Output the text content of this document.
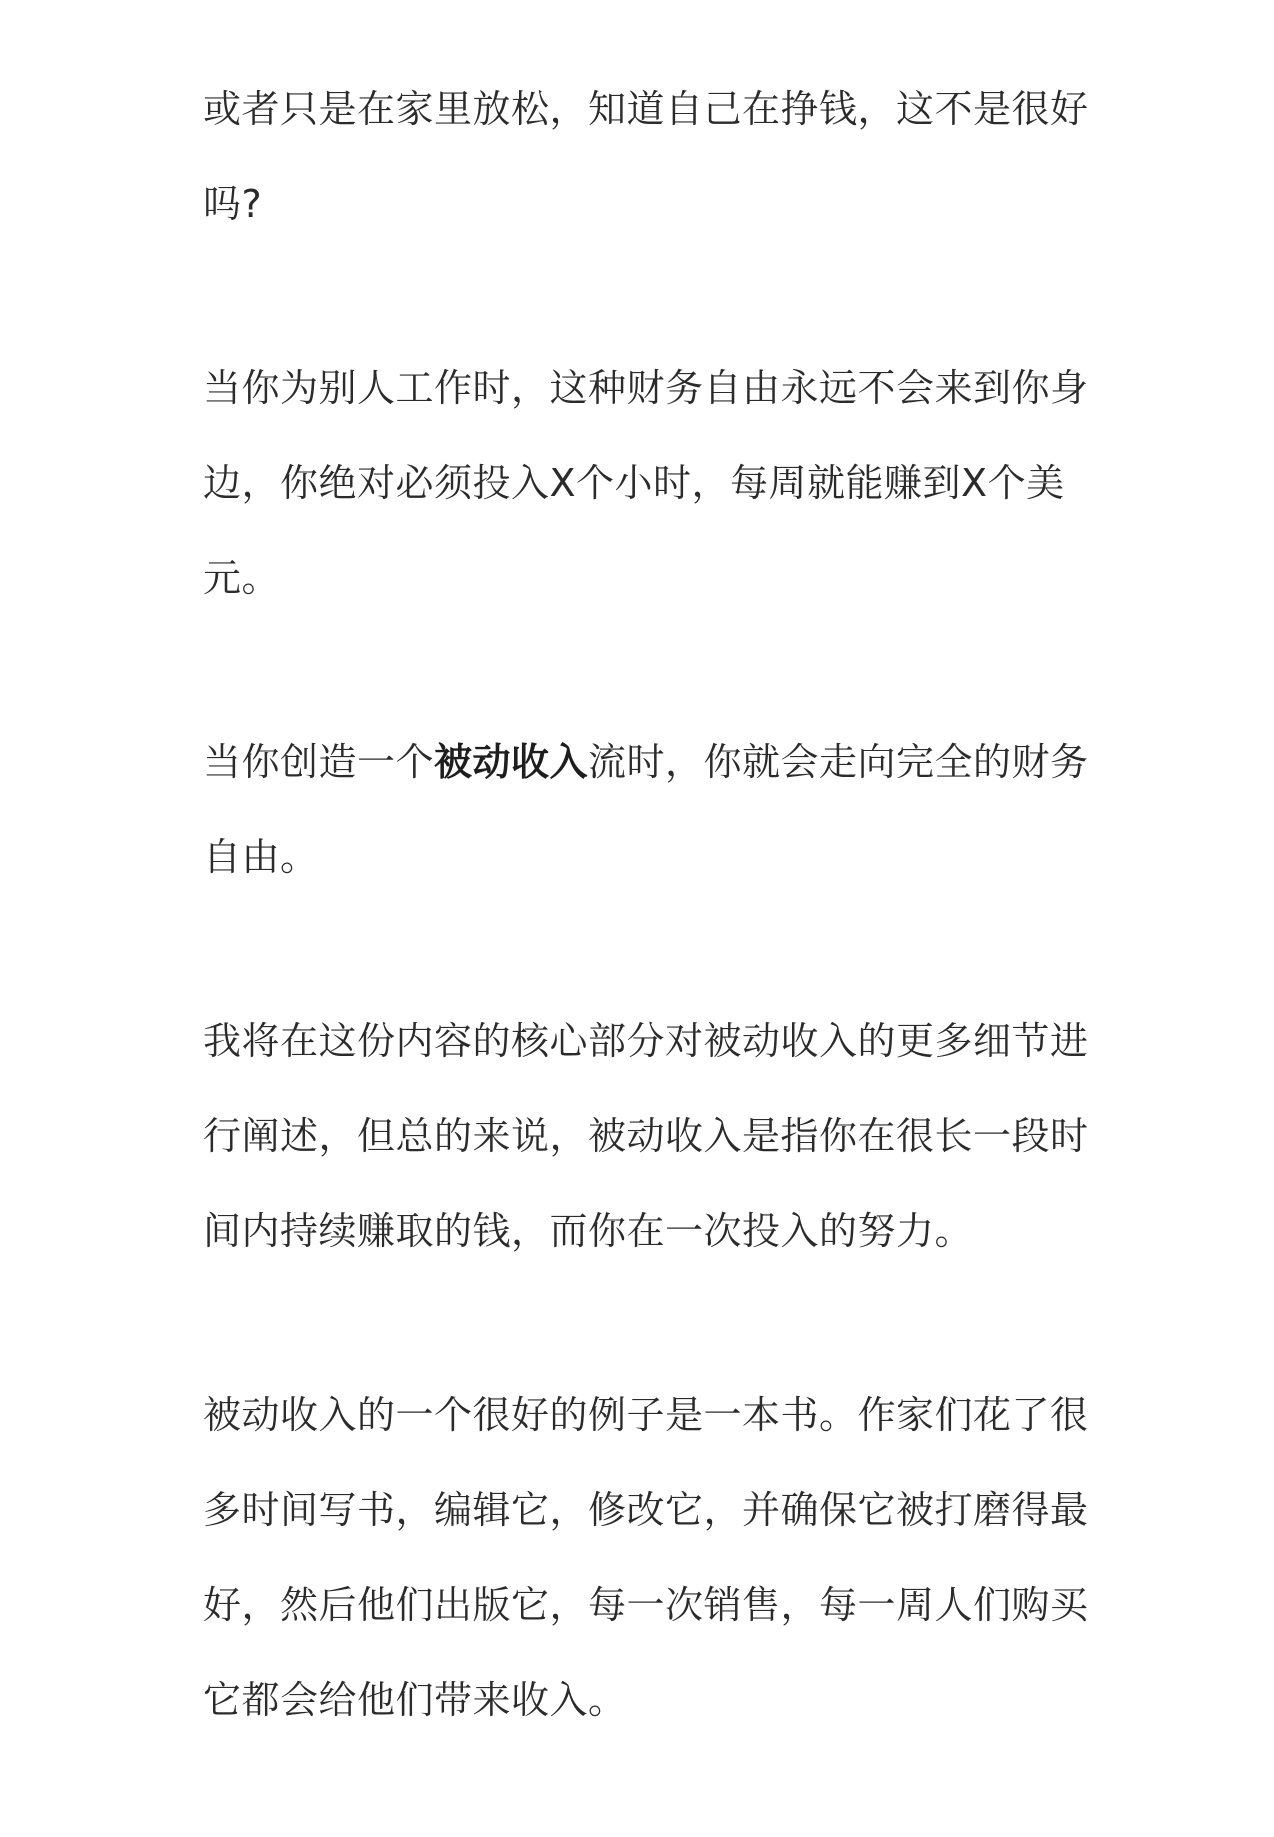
或者只是在家里放松，知道自己在挣钱，这不是很好
吗?

当你为别人工作时，这种财务自由永远不会来到你身
边，你绝对必须投入X个小时，每周就能赚到X个美
元。

当你创造一个被动收入流时，你就会走向完全的财务
自由。

我将在这份内容的核心部分对被动收入的更多细节进
行阐述，但总的来说，被动收入是指你在很长一段时
间内持续赚取的钱，而你在一次投入的努力。

被动收入的一个很好的例子是一本书。作家们花了很
多时间写书，编辑它，修改它，并确保它被打磨得最
好，然后他们出版它，每一次销售，每一周人们购买
它都会给他们带来收入。
